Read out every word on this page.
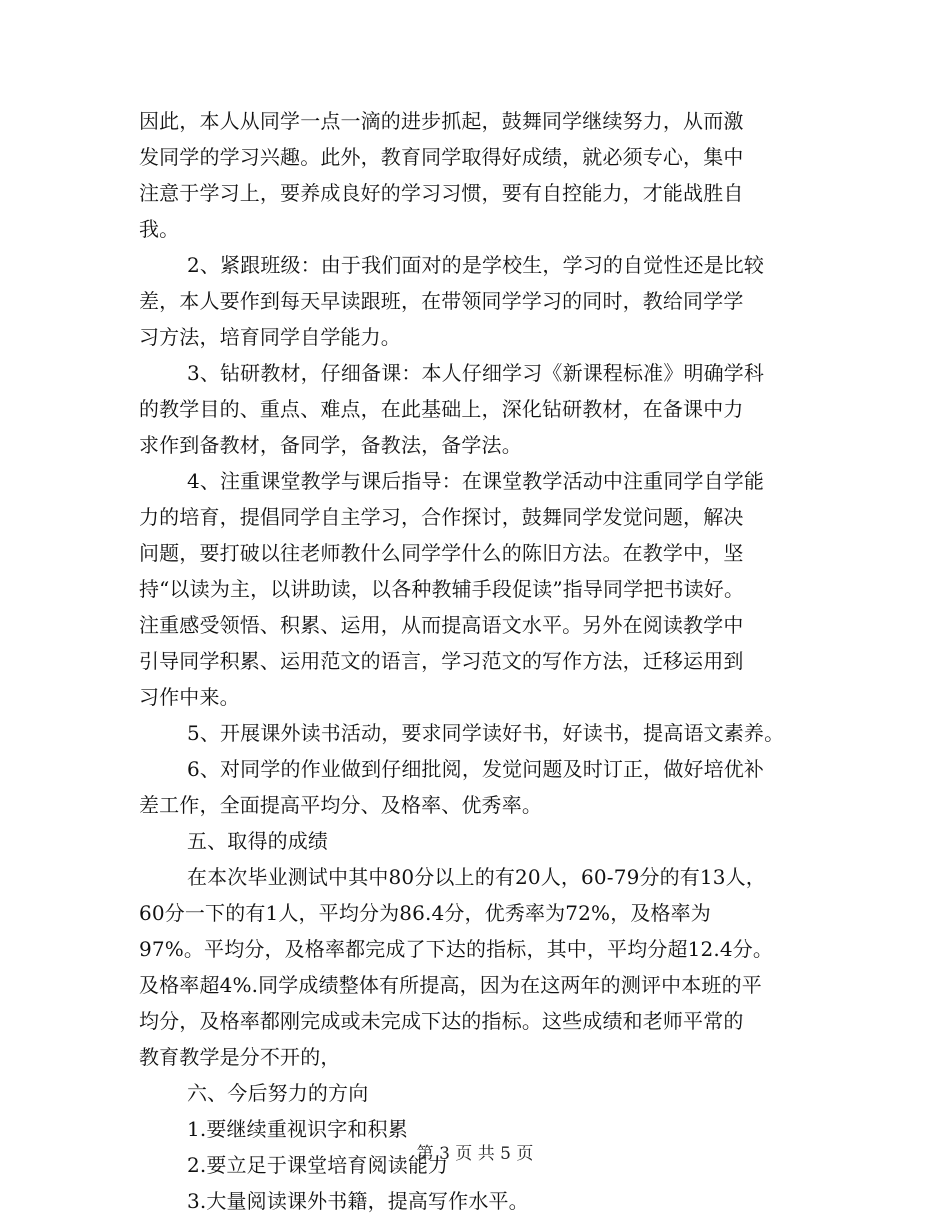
因此，本人从同学一点一滴的进步抓起，鼓舞同学继续努力，从而激
发同学的学习兴趣。此外，教育同学取得好成绩，就必须专心，集中
注意于学习上，要养成良好的学习习惯，要有自控能力，才能战胜自
我。
2、紧跟班级：由于我们面对的是学校生，学习的自觉性还是比较
差，本人要作到每天早读跟班，在带领同学学习的同时，教给同学学
习方法，培育同学自学能力。
3、钻研教材，仔细备课：本人仔细学习《新课程标准》明确学科
的教学目的、重点、难点，在此基础上，深化钻研教材，在备课中力
求作到备教材，备同学，备教法，备学法。
4、注重课堂教学与课后指导：在课堂教学活动中注重同学自学能
力的培育，提倡同学自主学习，合作探讨，鼓舞同学发觉问题，解决
问题，要打破以往老师教什么同学学什么的陈旧方法。在教学中，坚
持“以读为主，以讲助读，以各种教辅手段促读”指导同学把书读好。
注重感受领悟、积累、运用，从而提高语文水平。另外在阅读教学中
引导同学积累、运用范文的语言，学习范文的写作方法，迁移运用到
习作中来。
5、开展课外读书活动，要求同学读好书，好读书，提高语文素养。
6、对同学的作业做到仔细批阅，发觉问题及时订正，做好培优补
差工作，全面提高平均分、及格率、优秀率。
五、取得的成绩
在本次毕业测试中其中80分以上的有20人，60-79分的有13人，
60分一下的有1人，平均分为86.4分，优秀率为72%，及格率为
97%。平均分，及格率都完成了下达的指标，其中，平均分超12.4分。
及格率超4%.同学成绩整体有所提高，因为在这两年的测评中本班的平
均分，及格率都刚完成或未完成下达的指标。这些成绩和老师平常的
教育教学是分不开的，
六、今后努力的方向
1.要继续重视识字和积累
2.要立足于课堂培育阅读能力
3.大量阅读课外书籍，提高写作水平。
第 3 页 共 5 页
